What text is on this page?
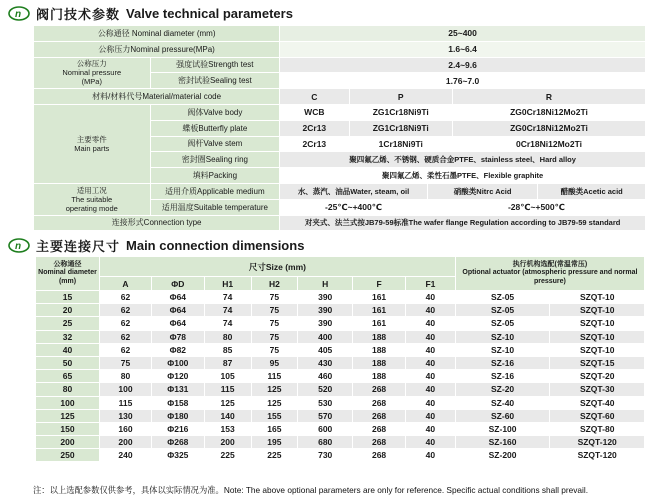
n 阀门技术参数 Valve technical parameters
公称通径 Nominal diameter (mm)		25~400				
公称压力Nominal pressure(MPa)		1.6~6.4				
公称压力
Nominal pressure
(MPa)	强度试验Strength test	2.4~9.6				
	密封试验Sealing test	1.76~7.0				
材料/材料代号Material/material code		C	P		R	
主要零件
Main parts	阀体Valve body	WCB	ZG1Cr18Ni9Ti		ZG0Cr18Ni12Mo2Ti	
	蝶板Butterfly plate	2Cr13	ZG1Cr18Ni9Ti		ZG0Cr18Ni12Mo2Ti	
	阀杆Valve stem	2Cr13	1Cr18Ni9Ti		0Cr18Ni12Mo2Ti	
	密封圈Sealing ring	聚四氟乙烯、不锈钢、硬质合金PTFE、stainless steel、Hard alloy				
	填料Packing	聚四氟乙烯、柔性石墨PTFE、Flexible graphite				
适用工况
The suitable
operating mode	适用介质Applicable medium	水、蒸汽、油品Water, steam, oil		硝酸类Nitrc Acid		醋酸类Acetic acid
	适用温度Suitable temperature	-25℃~+400℃		-28℃~+500℃		
连接形式Connection type		对夹式、法兰式按JB79-59标准The wafer flange Regulation according to JB79-59 standard				
n 主要连接尺寸 Main connection dimensions
公称通径
Nominal diameter
(mm)	尺寸Size (mm)							执行机构选配(常温常压)
Optional actuator (atmospheric pressure and normal pressure)	
	A	ΦD	H1	H2	H	F	F1		
15	62	Φ64	74	75	390	161	40	SZ-05	SZQT-10
20	62	Φ64	74	75	390	161	40	SZ-05	SZQT-10
25	62	Φ64	74	75	390	161	40	SZ-05	SZQT-10
32	62	Φ78	80	75	400	188	40	SZ-10	SZQT-10
40	62	Φ82	85	75	405	188	40	SZ-10	SZQT-10
50	75	Φ100	87	95	430	188	40	SZ-16	SZQT-15
65	80	Φ120	105	115	460	188	40	SZ-16	SZQT-20
80	100	Φ131	115	125	520	268	40	SZ-20	SZQT-30
100	115	Φ158	125	125	530	268	40	SZ-40	SZQT-40
125	130	Φ180	140	155	570	268	40	SZ-60	SZQT-60
150	160	Φ216	153	165	600	268	40	SZ-100	SZQT-80
200	200	Φ268	200	195	680	268	40	SZ-160	SZQT-120
250	240	Φ325	225	225	730	268	40	SZ-200	SZQT-120
注：以上选配参数仅供参考，具体以实际情况为准。Note: The above optional parameters are only for reference. Specific actual conditions shall prevail.
